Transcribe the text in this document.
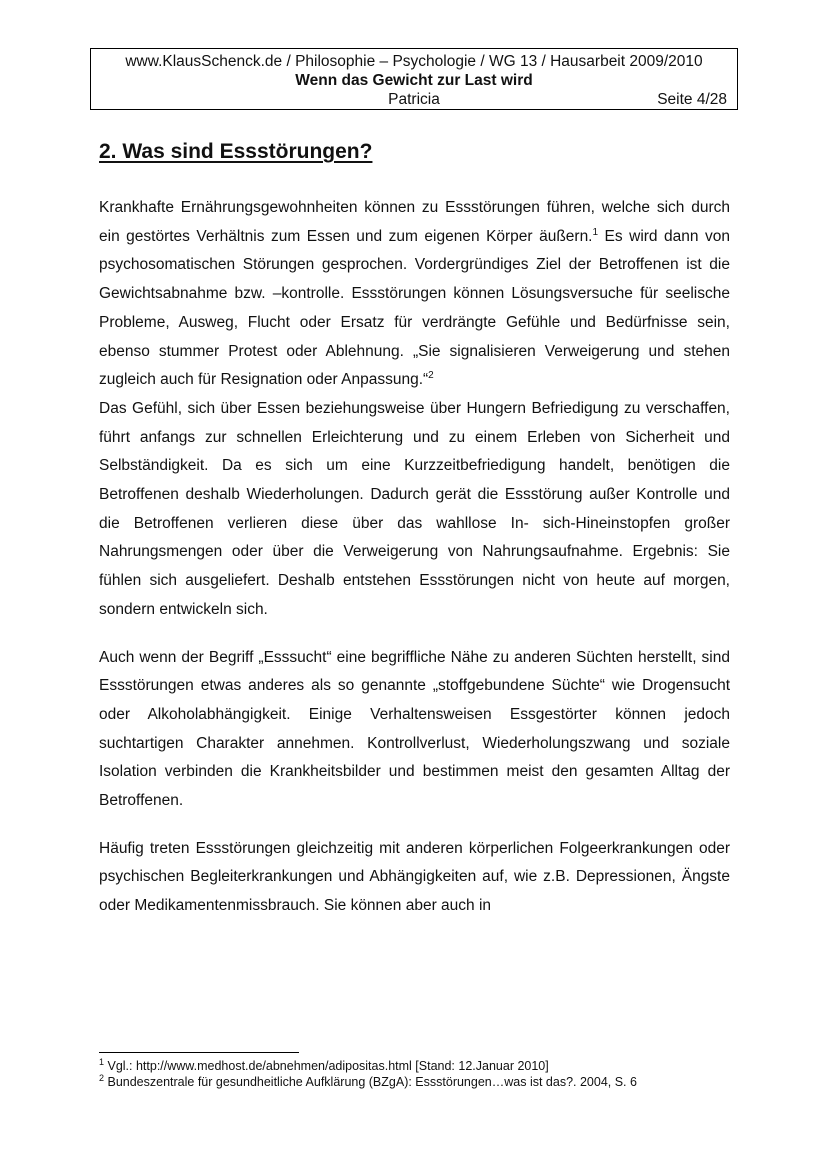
www.KlausSchenck.de / Philosophie – Psychologie / WG 13 / Hausarbeit 2009/2010
Wenn das Gewicht zur Last wird
Patricia	Seite 4/28
2. Was sind Essstörungen?

Krankhafte Ernährungsgewohnheiten können zu Essstörungen führen, welche sich durch ein gestörtes Verhältnis zum Essen und zum eigenen Körper äußern.$^1$ Es wird dann von psychosomatischen Störungen gesprochen. Vordergründiges Ziel der Betroffenen ist die Gewichtsabnahme bzw. –kontrolle. Essstörungen können Lösungsversuche für seelische Probleme, Ausweg, Flucht oder Ersatz für verdrängte Gefühle und Bedürfnisse sein, ebenso stummer Protest oder Ablehnung. „Sie signalisieren Verweigerung und stehen zugleich auch für Resignation oder Anpassung.“$^2$

Das Gefühl, sich über Essen beziehungsweise über Hungern Befriedigung zu verschaffen, führt anfangs zur schnellen Erleichterung und zu einem Erleben von Sicherheit und Selbständigkeit. Da es sich um eine Kurzzeitbefriedigung handelt, benötigen die Betroffenen deshalb Wiederholungen. Dadurch gerät die Essstörung außer Kontrolle und die Betroffenen verlieren diese über das wahllose In- sich-Hineinstopfen großer Nahrungsmengen oder über die Verweigerung von Nahrungsaufnahme. Ergebnis: Sie fühlen sich ausgeliefert. Deshalb entstehen Essstörungen nicht von heute auf morgen, sondern entwickeln sich.

Auch wenn der Begriff „Esssucht“ eine begriffliche Nähe zu anderen Süchten herstellt, sind Essstörungen etwas anderes als so genannte „stoffgebundene Süchte“ wie Drogensucht oder Alkoholabhängigkeit. Einige Verhaltensweisen Essgestörter können jedoch suchtartigen Charakter annehmen. Kontrollverlust, Wiederholungszwang und soziale Isolation verbinden die Krankheitsbilder und bestimmen meist den gesamten Alltag der Betroffenen.

Häufig treten Essstörungen gleichzeitig mit anderen körperlichen Folgeerkrankungen oder psychischen Begleiterkrankungen und Abhängigkeiten auf, wie z.B. Depressionen, Ängste oder Medikamentenmissbrauch. Sie können aber auch in

$^1$ Vgl.: http://www.medhost.de/abnehmen/adipositas.html [Stand: 12.Januar 2010]
$^2$ Bundeszentrale für gesundheitliche Aufklärung (BZgA): Essstörungen…was ist das?. 2004, S. 6
